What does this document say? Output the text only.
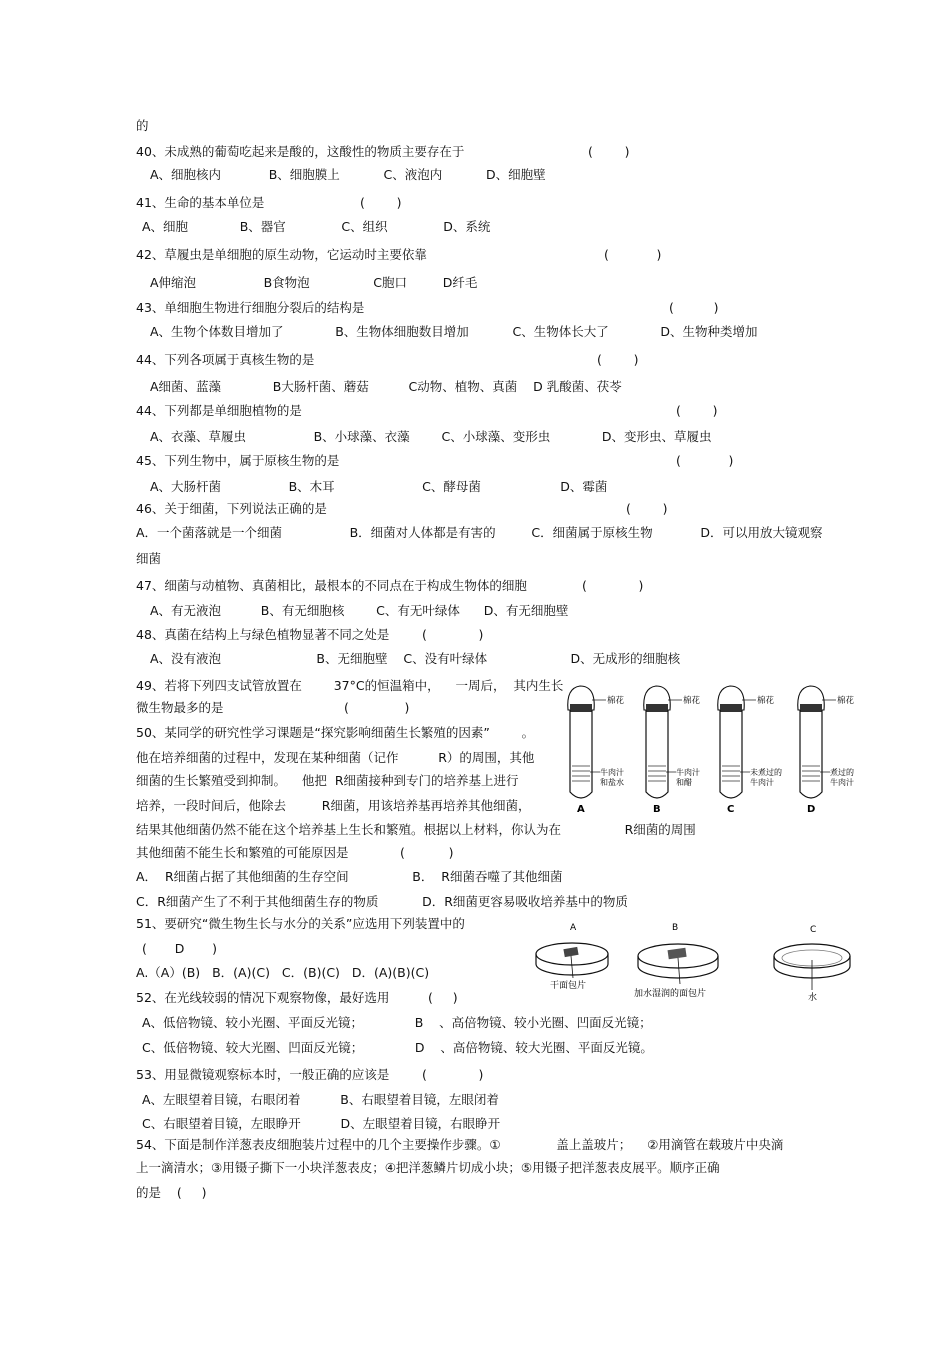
的
40、未成熟的葡萄吃起来是酸的，这酸性的物质主要存在于	(        )
A、细胞核内            B、细胞膜上           C、液泡内           D、细胞壁
41、生命的基本单位是	(        )
A、细胞             B、器官              C、组织              D、系统
42、草履虫是单细胞的原生动物，它运动时主要依靠	(            )
A伸缩泡                 B食物泡                C胞口         D纤毛
43、单细胞生物进行细胞分裂后的结构是	(          )
A、生物个体数目增加了             B、生物体细胞数目增加           C、生物体长大了             D、生物种类增加
44、下列各项属于真核生物的是	(        )
A细菌、蓝藻             B大肠杆菌、蘑菇          C动物、植物、真菌    D 乳酸菌、茯苓
44、下列都是单细胞植物的是	(        )
A、衣藻、草履虫                 B、小球藻、衣藻        C、小球藻、变形虫             D、变形虫、草履虫
45、下列生物中，属于原核生物的是	(            )
A、大肠杆菌                 B、木耳                      C、酵母菌                    D、霉菌
46、关于细菌，下列说法正确的是	(        )
A．一个菌落就是一个细菌                 B．细菌对人体都是有害的         C．细菌属于原核生物            D．可以用放大镜观察
细菌
47、细菌与动植物、真菌相比，最根本的不同点在于构成生物体的细胞	(             )
A、有无液泡          B、有无细胞核        C、有无叶绿体      D、有无细胞壁
48、真菌在结构上与绿色植物显著不同之处是	(             )
A、没有液泡                        B、无细胞壁    C、没有叶绿体                     D、无成形的细胞核
49、若将下列四支试管放置在        37°C的恒温箱中，    一周后，  其内生长
微生物最多的是	(              )
50、某同学的研究性学习课题是“探究影响细菌生长繁殖的因素”        。
他在培养细菌的过程中，发现在某种细菌（记作          R）的周围，其他
细菌的生长繁殖受到抑制。    他把  R细菌接种到专门的培养基上进行
培养，一段时间后，他除去         R细菌，用该培养基再培养其他细菌，
结果其他细菌仍然不能在这个培养基上生长和繁殖。根据以上材料，你认为在                R细菌的周围
其他细菌不能生长和繁殖的可能原因是	(           )
A．  R细菌占据了其他细菌的生存空间                B．  R细菌吞噬了其他细菌
C．R细菌产生了不利于其他细菌生存的物质           D．R细菌更容易吸收培养基中的物质
51、要研究“微生物生长与水分的关系”应选用下列装置中的
(       D       )
A.（A）(B)   B．(A)(C)   C．(B)(C)   D．(A)(B)(C)
52、在光线较弱的情况下观察物像，最好选用	(     )
A、低倍物镜、较小光圈、平面反光镜；             B    、高倍物镜、较小光圈、凹面反光镜；
C、低倍物镜、较大光圈、凹面反光镜；             D    、高倍物镜、较大光圈、平面反光镜。
53、用显微镜观察标本时，一般正确的应该是	(             )
A、左眼望着目镜，右眼闭着          B、右眼望着目镜，左眼闭着
C、右眼望着目镜，左眼睁开          D、左眼望着目镜，右眼睁开
54、下面是制作洋葱表皮细胞装片过程中的几个主要操作步骤。①              盖上盖玻片；    ②用滴管在载玻片中央滴
上一滴清水；③用镊子撕下一小块洋葱表皮；④把洋葱鳞片切成小块；⑤用镊子把洋葱表皮展平。顺序正确
的是    (     )
棉花
牛肉汁
和盐水
A
棉花
牛肉汁
和醋
B
棉花
未煮过的
牛肉汁
C
棉花
煮过的
牛肉汁
D
A
干面包片
B
加水湿润的面包片
C
水
